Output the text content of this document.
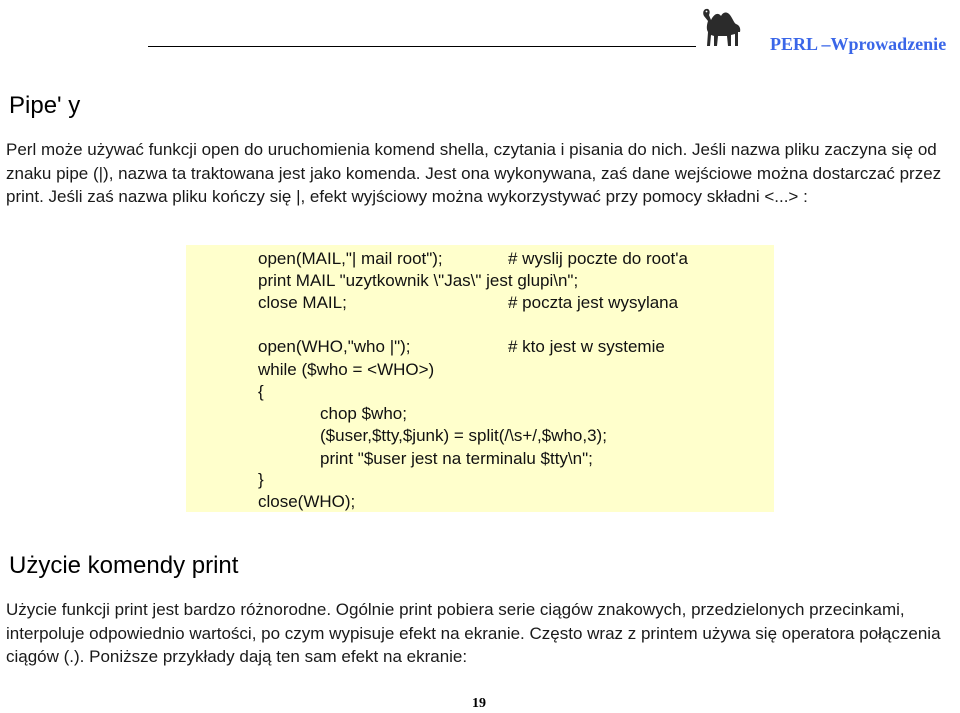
PERL –Wprowadzenie
Pipe' y

Perl może używać funkcji open do uruchomienia komend shella, czytania i pisania do nich. Jeśli nazwa pliku zaczyna się od znaku pipe (|), nazwa ta traktowana jest jako komenda. Jest ona wykonywana, zaś dane wejściowe można dostarczać przez print. Jeśli zaś nazwa pliku kończy się |, efekt wyjściowy można wykorzystywać przy pomocy składni <...> :

open(MAIL,"| mail root");	# wyslij poczte do root'a
print MAIL "uzytkownik \"Jas\" jest glupi\n";
close MAIL;	# poczta jest wysylana
open(WHO,"who |");	# kto jest w systemie
while ($who = <WHO>)
{
chop $who;
($user,$tty,$junk) = split(/\s+/,$who,3);
print "$user jest na terminalu $tty\n";
}
close(WHO);
Użycie komendy print

Użycie funkcji print jest bardzo różnorodne. Ogólnie print pobiera serie ciągów znakowych, przedzielonych przecinkami, interpoluje odpowiednio wartości, po czym wypisuje efekt na ekranie. Często wraz z printem używa się operatora połączenia ciągów (.). Poniższe przykłady dają ten sam efekt na ekranie:

19
